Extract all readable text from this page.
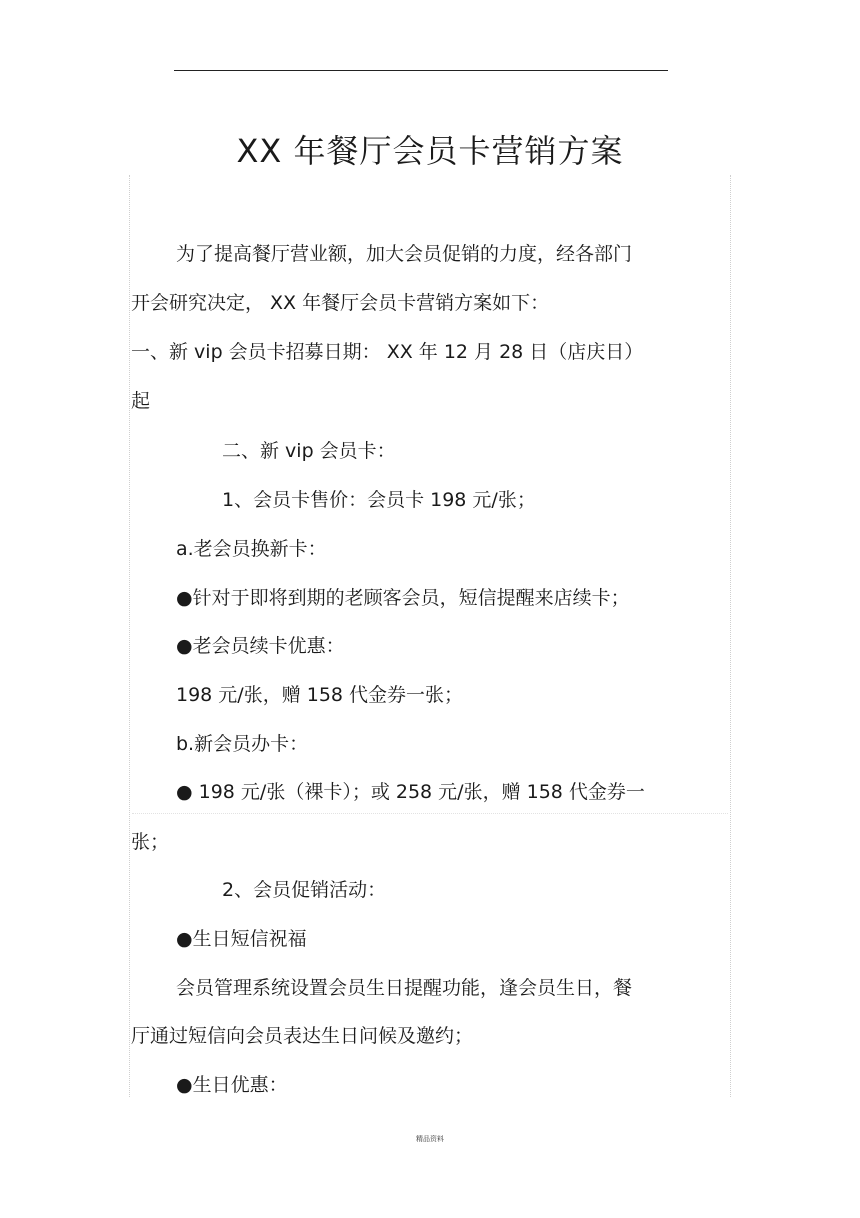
XX 年餐厅会员卡营销方案
为了提高餐厅营业额，加大会员促销的力度，经各部门
开会研究决定， XX 年餐厅会员卡营销方案如下：
一、新 vip 会员卡招募日期： XX 年 12 月 28 日（店庆日）
起
二、新 vip 会员卡：
1、会员卡售价：会员卡 198 元/张；
a.老会员换新卡：
●针对于即将到期的老顾客会员，短信提醒来店续卡；
●老会员续卡优惠：
198 元/张，赠 158 代金券一张；
b.新会员办卡：
● 198 元/张（裸卡）；或 258 元/张，赠 158 代金券一
张；
2、会员促销活动：
●生日短信祝福
会员管理系统设置会员生日提醒功能，逢会员生日，餐
厅通过短信向会员表达生日问候及邀约；
●生日优惠：
精品资料
